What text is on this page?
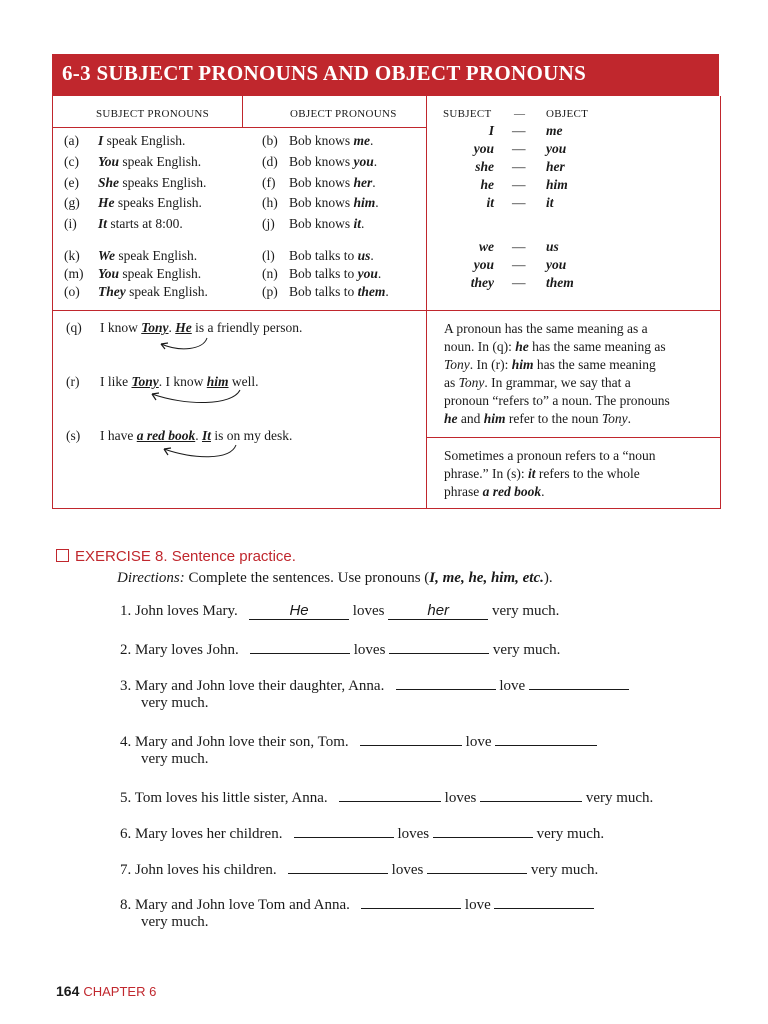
6-3 SUBJECT PRONOUNS AND OBJECT PRONOUNS
SUBJECT PRONOUNS	OBJECT PRONOUNS	SUBJECT — OBJECT
(a) I speak English.	(b) Bob knows me.
(c) You speak English.	(d) Bob knows you.
(e) She speaks English.	(f) Bob knows her.
(g) He speaks English.	(h) Bob knows him.
(i) It starts at 8:00.	(j) Bob knows it.
(k) We speak English.	(l) Bob talks to us.
(m) You speak English.	(n) Bob talks to you.
(o) They speak English.	(p) Bob talks to them.
I — me
you — you
she — her
he — him
it — it
we — us
you — you
they — them
(q) I know Tony. He is a friendly person.
(r) I like Tony. I know him well.
(s) I have a red book. It is on my desk.
A pronoun has the same meaning as a
noun. In (q): he has the same meaning as
Tony. In (r): him has the same meaning
as Tony. In grammar, we say that a
pronoun “refers to” a noun. The pronouns
he and him refer to the noun Tony.
Sometimes a pronoun refers to a “noun
phrase.” In (s): it refers to the whole
phrase a red book.
EXERCISE 8. Sentence practice.
Directions: Complete the sentences. Use pronouns (I, me, he, him, etc.).
1. John loves Mary.	He	loves	her	very much.
2. Mary loves John.	loves	very much.
3. Mary and John love their daughter, Anna.	love
very much.
4. Mary and John love their son, Tom.	love
very much.
5. Tom loves his little sister, Anna.	loves	very much.
6. Mary loves her children.	loves	very much.
7. John loves his children.	loves	very much.
8. Mary and John love Tom and Anna.	love
very much.
164 CHAPTER 6
